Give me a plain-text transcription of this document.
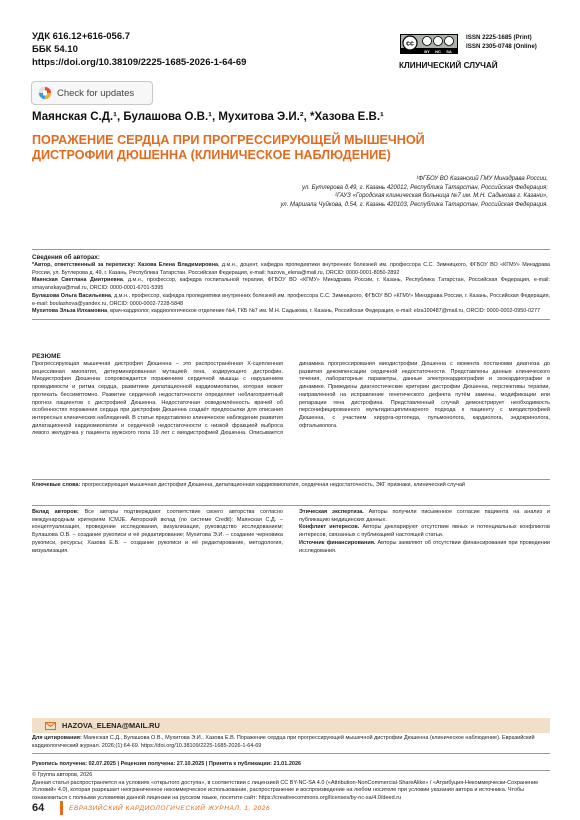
УДК 616.12+616-056.7
ББК 54.10
https://doi.org/10.38109/2225-1685-2026-1-64-69
Check for updates
cc
BY NC SA
ISSN 2225-1685 (Print)
ISSN 2305-0748 (Online)
КЛИНИЧЕСКИЙ СЛУЧАЙ
Маянская С.Д.¹, Булашова О.В.¹, Мухитова Э.И.², *Хазова Е.В.¹
ПОРАЖЕНИЕ СЕРДЦА ПРИ ПРОГРЕССИРУЮЩЕЙ МЫШЕЧНОЙ ДИСТРОФИИ ДЮШЕННА (КЛИНИЧЕСКОЕ НАБЛЮДЕНИЕ)
¹ФГБОУ ВО Казанский ГМУ Минздрава России,
ул. Бутлерова д.49, г. Казань 420012, Республика Татарстан, Российская Федерация;
²ГАУЗ «Городская клиническая больница №7 им. М.Н. Садыкова г. Казани»,
ул. Маршала Чуйкова, д.54, г. Казань 420103, Республика Татарстан, Российская Федерация.
Сведения об авторах:

*Автор, ответственный за переписку: Хазова Елена Владимировна, д.м.н., доцент, кафедра пропедевтики внутренних болезней им. профессора С.С. Зимницкого, ФГБОУ ВО «КГМУ» Минздрава России, ул. Бутлерова д. 49, г. Казань, Республика Татарстан, Российская Федерация, e-mail: hazova_elena@mail.ru, ORCID: 0000-0001-8050-2892

Маянская Светлана Дмитриевна, д.м.н., профессор, кафедра госпитальной терапии, ФГБОУ ВО «КГМУ» Минздрава России, г. Казань, Республика Татарстан, Российская Федерация, e-mail: smayanskaya@mail.ru, ORCID: 0000-0001-6701-5395

Булашова Ольга Васильевна, д.м.н., профессор, кафедра пропедевтики внутренних болезней им. профессора С.С. Зимницкого, ФГБОУ ВО «КГМУ» Минздрава России, г. Казань, Российская Федерация, e-mail: boulashova@yandex.ru, ORCID: 0000-0002-7228-5848

Мухитова Эльза Илхамовна, врач-кардиолог, кардиологическое отделение №4, ГКБ №7 им. М.Н. Садыкова, г. Казань, Российская Федерация, e-mail: elza100487@mail.ru, ORCID: 0000-0002-0950-0277

РЕЗЮМЕ
Прогрессирующая мышечная дистрофия Дюшенна – это распространённая Х-сцепленная рецессивная миопатия, детерминированная мутацией гена, кодирующего дистрофин. Миодистрофия Дюшенна сопровождается поражением сердечной мышцы с нарушением проводимости и ритма сердца, развитием дилатационной кардиомиопатии, которая может протекать бессимптомно. Развитие сердечной недостаточности определяет неблагоприятный прогноз пациентов с дистрофией Дюшенна. Недостаточная осведомлённость врачей об особенностях поражения сердца при дистрофии Дюшенна создаёт предпосылки для описания интересных клинических наблюдений. В статье представлено клиническое наблюдение развития дилатационной кардиомиопатии и сердечной недостаточности с низкой фракцией выброса левого желудочка у пациента мужского пола 19 лет с миодистрофией Дюшенна. Описывается динамика прогрессирования миодистрофии Дюшенна с момента постановки диагноза до развития декомпенсации сердечной недостаточности. Представлены данные клинического течения, лабораторные параметры, данные электрокардиографии и эхокардиографии в динамике. Приведены диагностические критерии дистрофии Дюшенна, перспективы терапии, направленной на исправление генетического дефекта путём замены, модификации или репарации гена дистрофина. Представленный случай демонстрирует необходимость персонифицированного мультидисциплинарного подхода к пациенту с миодистрофией Дюшенна, с участием хирурга-ортопеда, пульмонолога, кардиолога, эндокринолога, офтальмолога.
Ключевые слова: прогрессирующая мышечная дистрофия Дюшенна, дилатационная кардиомиопатия, сердечная недостаточность, ЭКГ признаки, клинический случай
Вклад авторов: Все авторы подтверждают соответствие своего авторства согласно международным критериям ICMJE. Авторский вклад (по системе Credit): Маянская С.Д. – концептуализация, проведение исследования, визуализация, руководство исследованием; Булашова О.В. – создание рукописи и её редактирование; Мухитова Э.И. – создание черновика рукописи, ресурсы; Хазова Е.В. – создание рукописи и её редактирование, методология, визуализация.
Этическая экспертиза. Авторы получили письменное согласие пациента на анализ и публикацию медицинских данных.
Конфликт интересов. Авторы декларируют отсутствие явных и потенциальных конфликтов интересов, связанных с публикацией настоящей статьи.
Источник финансирования. Авторы заявляют об отсутствии финансирования при проведении исследования.
HAZOVA_ELENA@MAIL.RU
Для цитирования: Маянская С.Д., Булашова О.В., Мухитова Э.И., Хазова Е.В. Поражение сердца при прогрессирующей мышечной дистрофии Дюшенна (клиническое наблюдение). Евразийский кардиологический журнал. 2026;(1):64-69. https://doi.org/10.38109/2225-1685-2026-1-64-69
Рукопись получена: 02.07.2025 | Рецензия получена: 27.10.2025 | Принята к публикации: 21.01.2026
© Группа авторов, 2026
Данная статья распространяется на условиях «открытого доступа», в соответствии с лицензией CC BY-NC-SA 4.0 («Attribution-NonCommercial-ShareAlike» / «Атрибуция-Некоммерчески-Сохранение Условий» 4.0), которая разрешает неограниченное некоммерческое использование, распространение и воспроизведение на любом носителе при условии указания автора и источника. Чтобы ознакомиться с полными условиями данной лицензии на русском языке, посетите сайт: https://creativecommons.org/licenses/by-nc-sa/4.0/deed.ru
64	ЕВРАЗИЙСКИЙ КАРДИОЛОГИЧЕСКИЙ ЖУРНАЛ, 1, 2026
